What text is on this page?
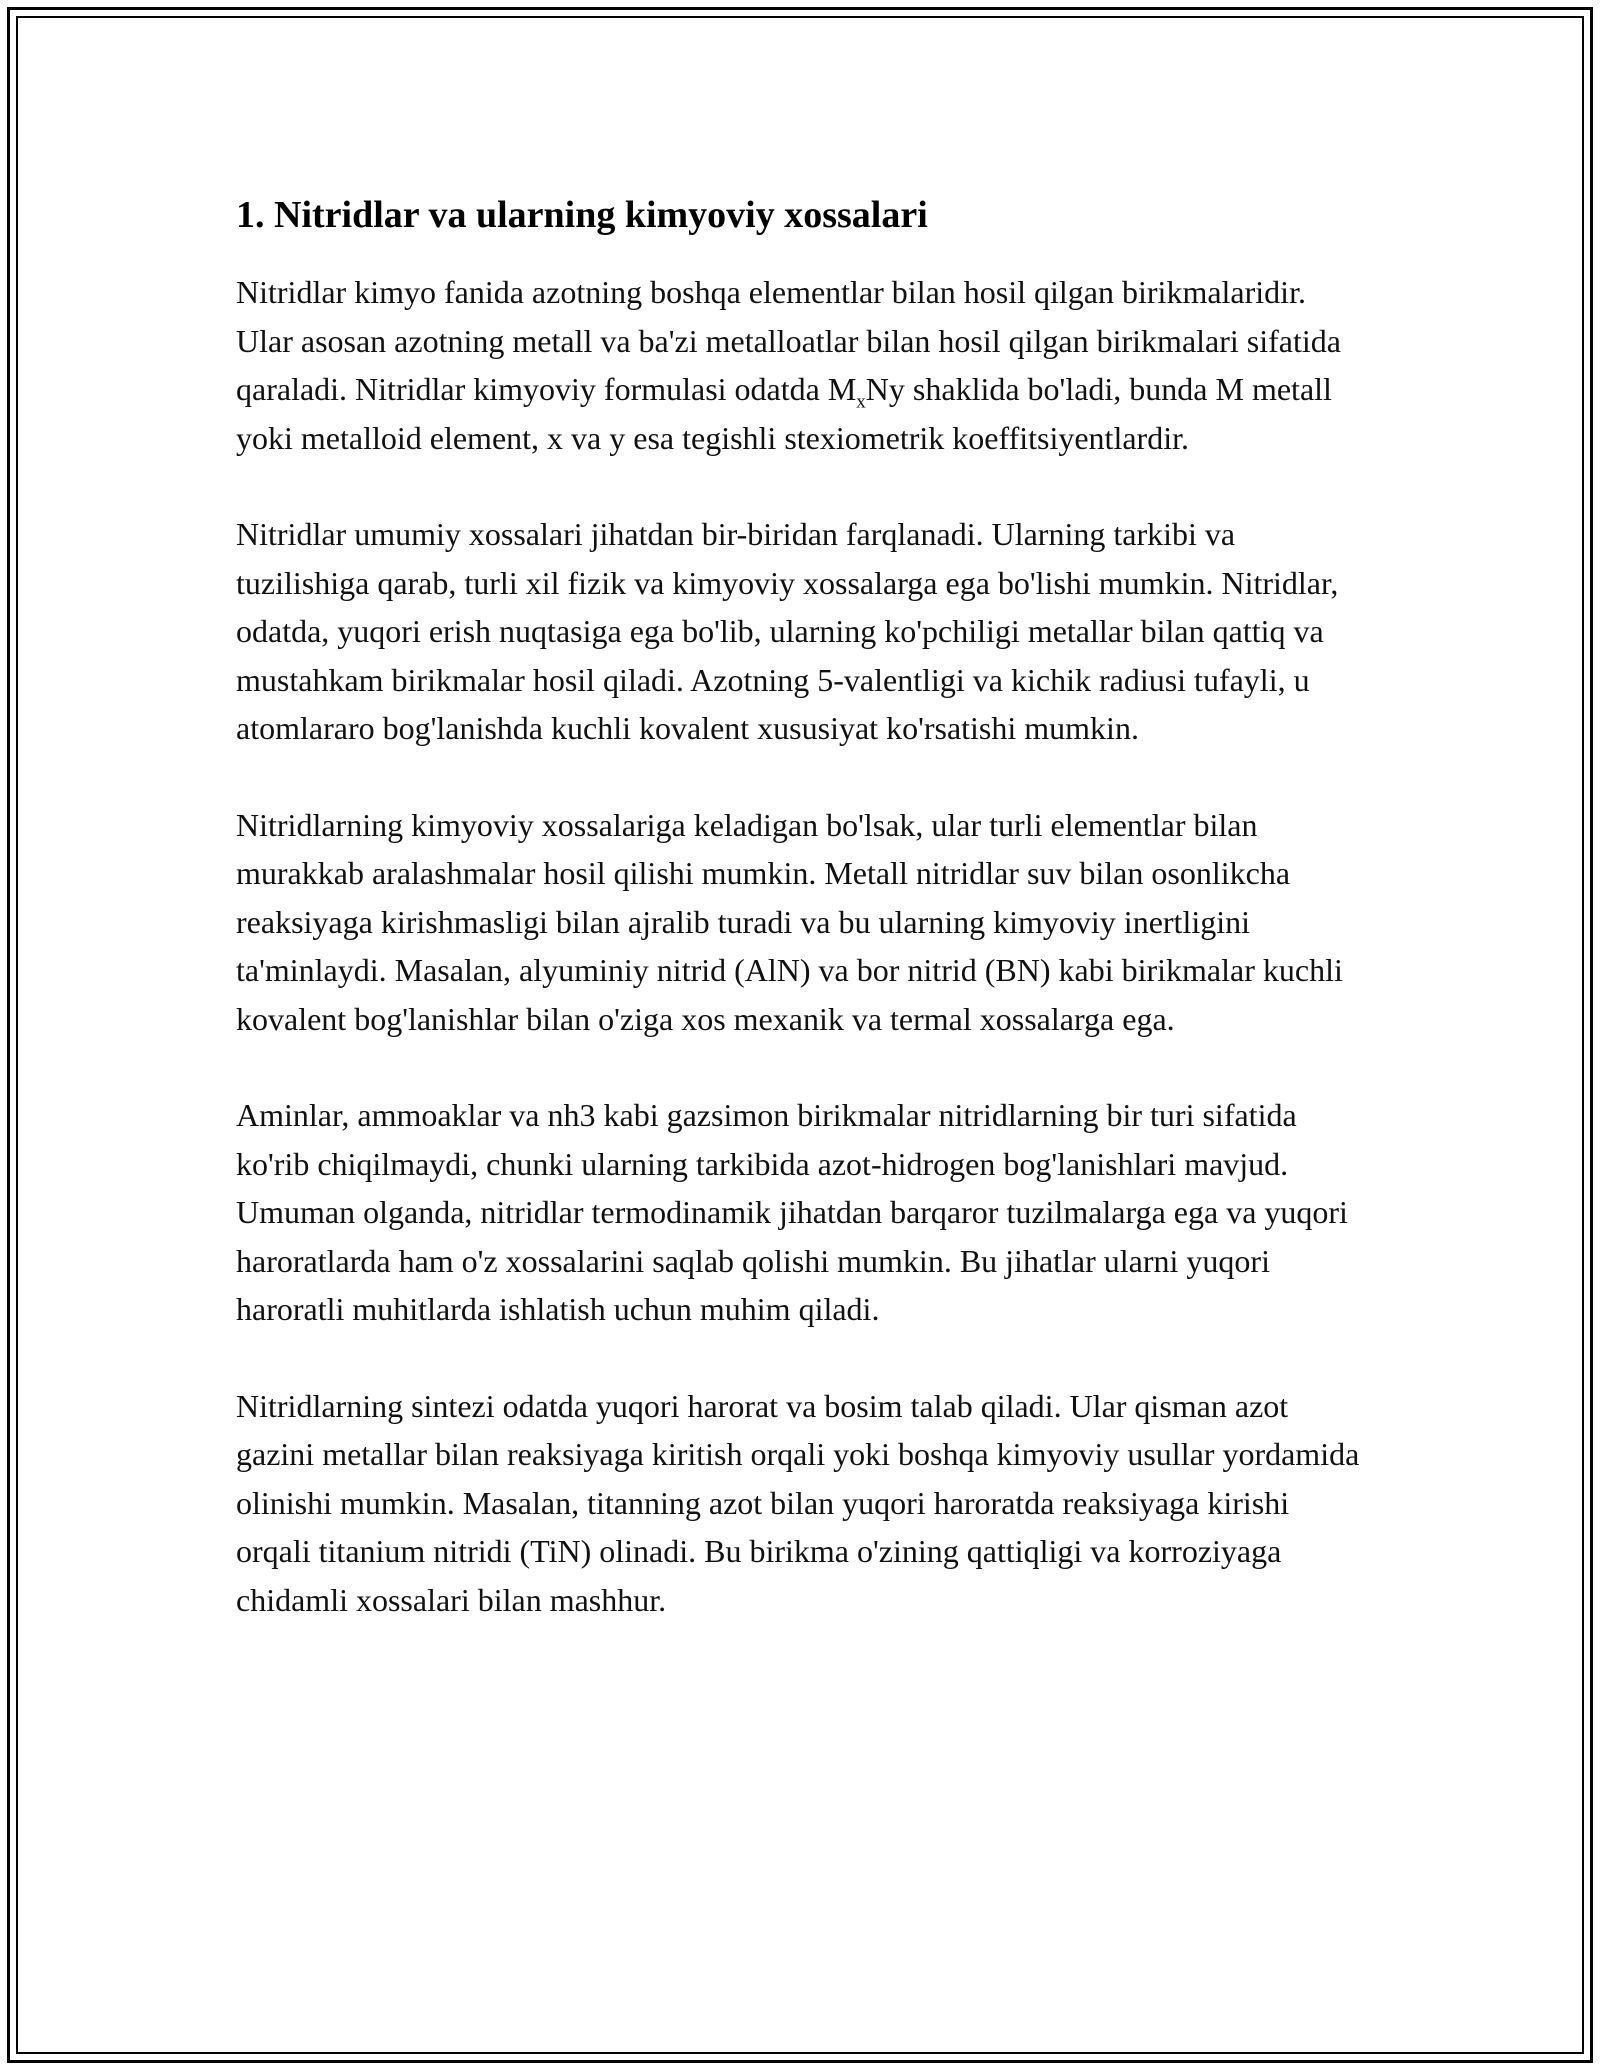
1. Nitridlar va ularning kimyoviy xossalari

Nitridlar kimyo fanida azotning boshqa elementlar bilan hosil qilgan birikmalaridir. Ular asosan azotning metall va ba'zi metalloatlar bilan hosil qilgan birikmalari sifatida qaraladi. Nitridlar kimyoviy formulasi odatda $M_xNy$ shaklida bo'ladi, bunda M metall yoki metalloid element, x va y esa tegishli stexiometrik koeffitsiyentlardir.

Nitridlar umumiy xossalari jihatdan bir-biridan farqlanadi. Ularning tarkibi va tuzilishiga qarab, turli xil fizik va kimyoviy xossalarga ega bo'lishi mumkin. Nitridlar, odatda, yuqori erish nuqtasiga ega bo'lib, ularning ko'pchiligi metallar bilan qattiq va mustahkam birikmalar hosil qiladi. Azotning 5-valentligi va kichik radiusi tufayli, u atomlararo bog'lanishda kuchli kovalent xususiyat ko'rsatishi mumkin.

Nitridlarning kimyoviy xossalariga keladigan bo'lsak, ular turli elementlar bilan murakkab aralashmalar hosil qilishi mumkin. Metall nitridlar suv bilan osonlikcha reaksiyaga kirishmasligi bilan ajralib turadi va bu ularning kimyoviy inertligini ta'minlaydi. Masalan, alyuminiy nitrid (AlN) va bor nitrid (BN) kabi birikmalar kuchli kovalent bog'lanishlar bilan o'ziga xos mexanik va termal xossalarga ega.

Aminlar, ammoaklar va nh3 kabi gazsimon birikmalar nitridlarning bir turi sifatida ko'rib chiqilmaydi, chunki ularning tarkibida azot-hidrogen bog'lanishlari mavjud. Umuman olganda, nitridlar termodinamik jihatdan barqaror tuzilmalarga ega va yuqori haroratlarda ham o'z xossalarini saqlab qolishi mumkin. Bu jihatlar ularni yuqori haroratli muhitlarda ishlatish uchun muhim qiladi.

Nitridlarning sintezi odatda yuqori harorat va bosim talab qiladi. Ular qisman azot gazini metallar bilan reaksiyaga kiritish orqali yoki boshqa kimyoviy usullar yordamida olinishi mumkin. Masalan, titanning azot bilan yuqori haroratda reaksiyaga kirishi orqali titanium nitridi (TiN) olinadi. Bu birikma o'zining qattiqligi va korroziyaga chidamli xossalari bilan mashhur.
